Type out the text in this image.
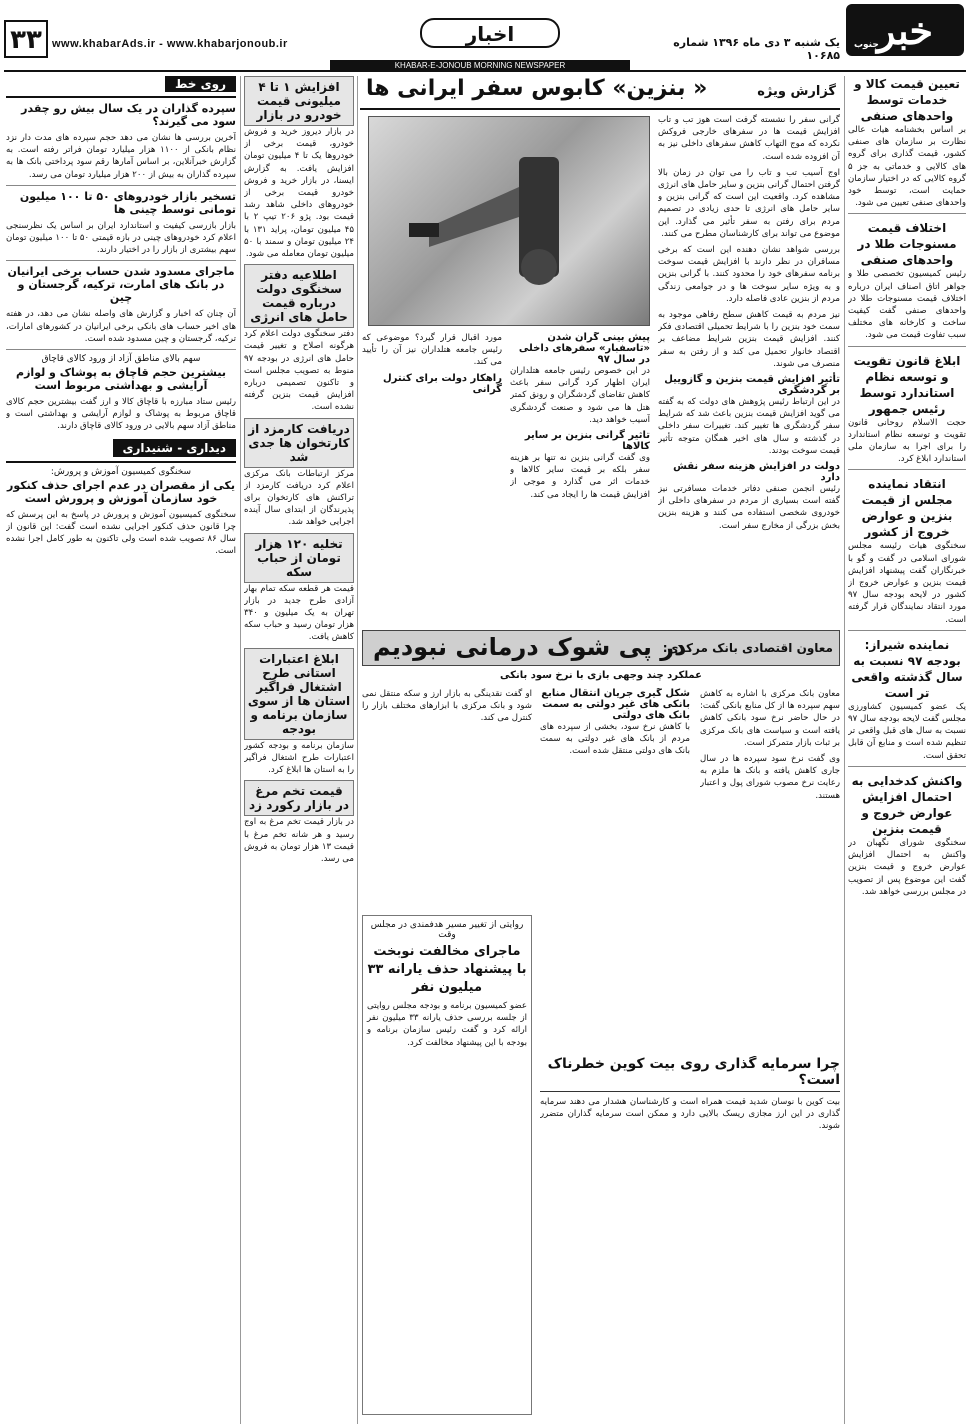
خبر
جنوب
یک شنبه ۳ دی ماه ۱۳۹۶ شماره ۱۰۶۸۵
اخبار
www.khabarAds.ir - www.khabarjonoub.ir
۳۳
KHABAR-E-JONOUB MORNING NEWSPAPER
تعیین قیمت کالا و خدمات توسط واحدهای صنفی

بر اساس بخشنامه هیات عالی نظارت بر سازمان های صنفی کشور، قیمت گذاری برای گروه های کالایی و خدماتی به جز ۵ گروه کالایی که در اختیار سازمان حمایت است، توسط خود واحدهای صنفی تعیین می شود.

اختلاف قیمت مسنوجات طلا در واحدهای صنفی

رئیس کمیسیون تخصصی طلا و جواهر اتاق اصناف ایران درباره اختلاف قیمت مسنوجات طلا در واحدهای صنفی گفت کیفیت ساخت و کارخانه های مختلف سبب تفاوت قیمت می شود.

ابلاغ قانون تقویت و توسعه نظام استاندارد توسط رئیس جمهور

حجت الاسلام روحانی قانون تقویت و توسعه نظام استاندارد را برای اجرا به سازمان ملی استاندارد ابلاغ کرد.

انتقاد نماینده مجلس از قیمت بنزین و عوارض خروج از کشور

سخنگوی هیات رئیسه مجلس شورای اسلامی در گفت و گو با خبرنگاران گفت پیشنهاد افزایش قیمت بنزین و عوارض خروج از کشور در لایحه بودجه سال ۹۷ مورد انتقاد نمایندگان قرار گرفته است.

نماینده شیراز: بودجه ۹۷ نسبت به سال گذشته واقعی تر است

یک عضو کمیسیون کشاورزی مجلس گفت لایحه بودجه سال ۹۷ نسبت به سال های قبل واقعی تر تنظیم شده است و منابع آن قابل تحقق است.

واکنش کدخدایی به احتمال افزایش عوارض خروج و قیمت بنزین

سخنگوی شورای نگهبان در واکنش به احتمال افزایش عوارض خروج و قیمت بنزین گفت این موضوع پس از تصویب در مجلس بررسی خواهد شد.

گزارش ویژه
« بنزین» کابوس سفر ایرانی ها

گرانی سفر را نشسته گرفت است هوز تب و تاب افزایش قیمت ها در سفرهای خارجی فروکش نکرده که موج التهاب کاهش سفرهای داخلی نیز به آن افزوده شده است.

اوج آسیب تب و تاب را می توان در زمان بالا گرفتن احتمال گرانی بنزین و سایر حامل های انرژی مشاهده کرد. واقعیت این است که گرانی بنزین و سایر حامل های انرژی تا حدی زیادی در تصمیم مردم برای رفتن به سفر تأثیر می گذارد. این موضوع می تواند برای کارشناسان مطرح می کنند.

بررسی شواهد نشان دهنده این است که برخی مسافران در نظر دارند با افزایش قیمت سوخت برنامه سفرهای خود را محدود کنند. با گرانی بنزین و به ویژه سایر سوخت ها و در جوامعی زندگی مردم از بنزین عادی فاصله دارد.

نیز مردم به قیمت کاهش سطح رفاهی موجود به سمت خود بنزین را با شرایط تحمیلی اقتصادی فکر کنند. افزایش قیمت بنزین شرایط مضاعف بر اقتصاد خانوار تحمیل می کند و از رفتن به سفر منصرف می شوند.

تأثیر افزایش قیمت بنزین و گازوییل بر گردشگری

در این ارتباط رئیس پژوهش های دولت که به گفته می گوید افزایش قیمت بنزین باعث شد که شرایط سفر گردشگری ها تغییر کند. تغییرات سفر داخلی در گذشته و سال های اخیر همگان متوجه تأثیر قیمت سوخت بودند.

دولت در افزایش هزینه سفر نقش دارد

رئیس انجمن صنفی دفاتر خدمات مسافرتی نیز گفته است بسیاری از مردم در سفرهای داخلی از خودروی شخصی استفاده می کنند و هزینه بنزین بخش بزرگی از مخارج سفر است.

پیش بینی گران شدن «تاسفبار» سفرهای داخلی در سال ۹۷

در این خصوص رئیس جامعه هتلداران ایران اظهار کرد گرانی سفر باعث کاهش تقاضای گردشگران و رونق کمتر هتل ها می شود و صنعت گردشگری آسیب خواهد دید.

تاثیر گرانی بنزین بر سایر کالاها

وی گفت گرانی بنزین نه تنها بر هزینه سفر بلکه بر قیمت سایر کالاها و خدمات اثر می گذارد و موجی از افزایش قیمت ها را ایجاد می کند.

مورد اقبال قرار گیرد؟ موضوعی که رئیس جامعه هتلداران نیز آن را تأیید می کند.

راهکار دولت برای کنترل گرانی
افزایش ۱ تا ۴ میلیونی قیمت خودرو در بازار

در بازار دیروز خرید و فروش خودرو، قیمت برخی از خودروها یک تا ۴ میلیون تومان افزایش یافت. به گزارش ایسنا، در بازار خرید و فروش خودرو قیمت برخی از خودروهای داخلی شاهد رشد قیمت بود. پژو ۲۰۶ تیپ ۲ با ۴۵ میلیون تومان، پراید ۱۳۱ با ۲۴ میلیون تومان و سمند با ۵۰ میلیون تومان معامله می شود.

اطلاعیه دفتر سخنگوی دولت درباره قیمت حامل های انرژی

دفتر سخنگوی دولت اعلام کرد هرگونه اصلاح و تغییر قیمت حامل های انرژی در بودجه ۹۷ منوط به تصویب مجلس است و تاکنون تصمیمی درباره افزایش قیمت بنزین گرفته نشده است.

دریافت کارمزد از کارتخوان ها جدی شد

مرکز ارتباطات بانک مرکزی اعلام کرد دریافت کارمزد از تراکنش های کارتخوان برای پذیرندگان از ابتدای سال آینده اجرایی خواهد شد.

تخلیه ۱۲۰ هزار تومان از حباب سکه

قیمت هر قطعه سکه تمام بهار آزادی طرح جدید در بازار تهران به یک میلیون و ۳۴۰ هزار تومان رسید و حباب سکه کاهش یافت.

ابلاغ اعتبارات استانی طرح اشتغال فراگیر استان ها از سوی سازمان برنامه و بودجه

سازمان برنامه و بودجه کشور اعتبارات طرح اشتغال فراگیر را به استان ها ابلاغ کرد.

قیمت تخم مرغ در بازار رکورد زد

در بازار قیمت تخم مرغ به اوج رسید و هر شانه تخم مرغ با قیمت ۱۳ هزار تومان به فروش می رسد.

معاون اقتصادی بانک مرکزی:
در پی شوک درمانی نبودیم
عملکرد چند وجهی بازی با نرخ سود بانکی

معاون بانک مرکزی با اشاره به کاهش سهم سپرده ها از کل منابع بانکی گفت: در حال حاضر نرخ سود بانکی کاهش یافته است و سیاست های بانک مرکزی بر ثبات بازار متمرکز است.

وی گفت نرخ سود سپرده ها در سال جاری کاهش یافته و بانک ها ملزم به رعایت نرخ مصوب شورای پول و اعتبار هستند.

شکل گیری جریان انتقال منابع بانکی های غیر دولتی به سمت بانک های دولتی

با کاهش نرخ سود، بخشی از سپرده های مردم از بانک های غیر دولتی به سمت بانک های دولتی منتقل شده است.

او گفت نقدینگی به بازار ارز و سکه منتقل نمی شود و بانک مرکزی با ابزارهای مختلف بازار را کنترل می کند.

روایتی از تغییر مسیر هدفمندی در مجلس وقت
ماجرای مخالفت نوبخت با پیشنهاد حذف یارانه ۳۳ میلیون نفر

عضو کمیسیون برنامه و بودجه مجلس روایتی از جلسه بررسی حذف یارانه ۳۳ میلیون نفر ارائه کرد و گفت رئیس سازمان برنامه و بودجه با این پیشنهاد مخالفت کرد.

چرا سرمایه گذاری روی بیت کوین خطرناک است؟

بیت کوین با نوسان شدید قیمت همراه است و کارشناسان هشدار می دهند سرمایه گذاری در این ارز مجازی ریسک بالایی دارد و ممکن است سرمایه گذاران متضرر شوند.

روی خط
سپرده گذاران در یک سال بیش رو چقدر سود می گیرند؟

آخرین بررسی ها نشان می دهد حجم سپرده های مدت دار نزد نظام بانکی از ۱۱۰۰ هزار میلیارد تومان فراتر رفته است. به گزارش خبرآنلاین، بر اساس آمارها رقم سود پرداختی بانک ها به سپرده گذاران به بیش از ۲۰۰ هزار میلیارد تومان می رسد.

تسخیر بازار خودروهای ۵۰ تا ۱۰۰ میلیون تومانی توسط چینی ها

بازار بازرسی کیفیت و استاندارد ایران بر اساس یک نظرسنجی اعلام کرد خودروهای چینی در بازه قیمتی ۵۰ تا ۱۰۰ میلیون تومان سهم بیشتری از بازار را در اختیار دارند.

ماجرای مسدود شدن حساب برخی ایرانیان در بانک های امارت، ترکیه، گرجستان و چین

آن چنان که اخبار و گزارش های واصله نشان می دهد، در هفته های اخیر حساب های بانکی برخی ایرانیان در کشورهای امارات، ترکیه، گرجستان و چین مسدود شده است.

سهم بالای مناطق آزاد از ورود کالای قاچاق
بیشترین حجم قاچاق به پوشاک و لوازم آرایشی و بهداشتی مربوط است

رئیس ستاد مبارزه با قاچاق کالا و ارز گفت بیشترین حجم کالای قاچاق مربوط به پوشاک و لوازم آرایشی و بهداشتی است و مناطق آزاد سهم بالایی در ورود کالای قاچاق دارند.

دیداری - شنیداری
سخنگوی کمیسیون آموزش و پرورش:
یکی از مقصران در عدم اجرای حذف کنکور خود سازمان آموزش و پرورش است

سخنگوی کمیسیون آموزش و پرورش در پاسخ به این پرسش که چرا قانون حذف کنکور اجرایی نشده است گفت: این قانون از سال ۸۶ تصویب شده است ولی تاکنون به طور کامل اجرا نشده است.
